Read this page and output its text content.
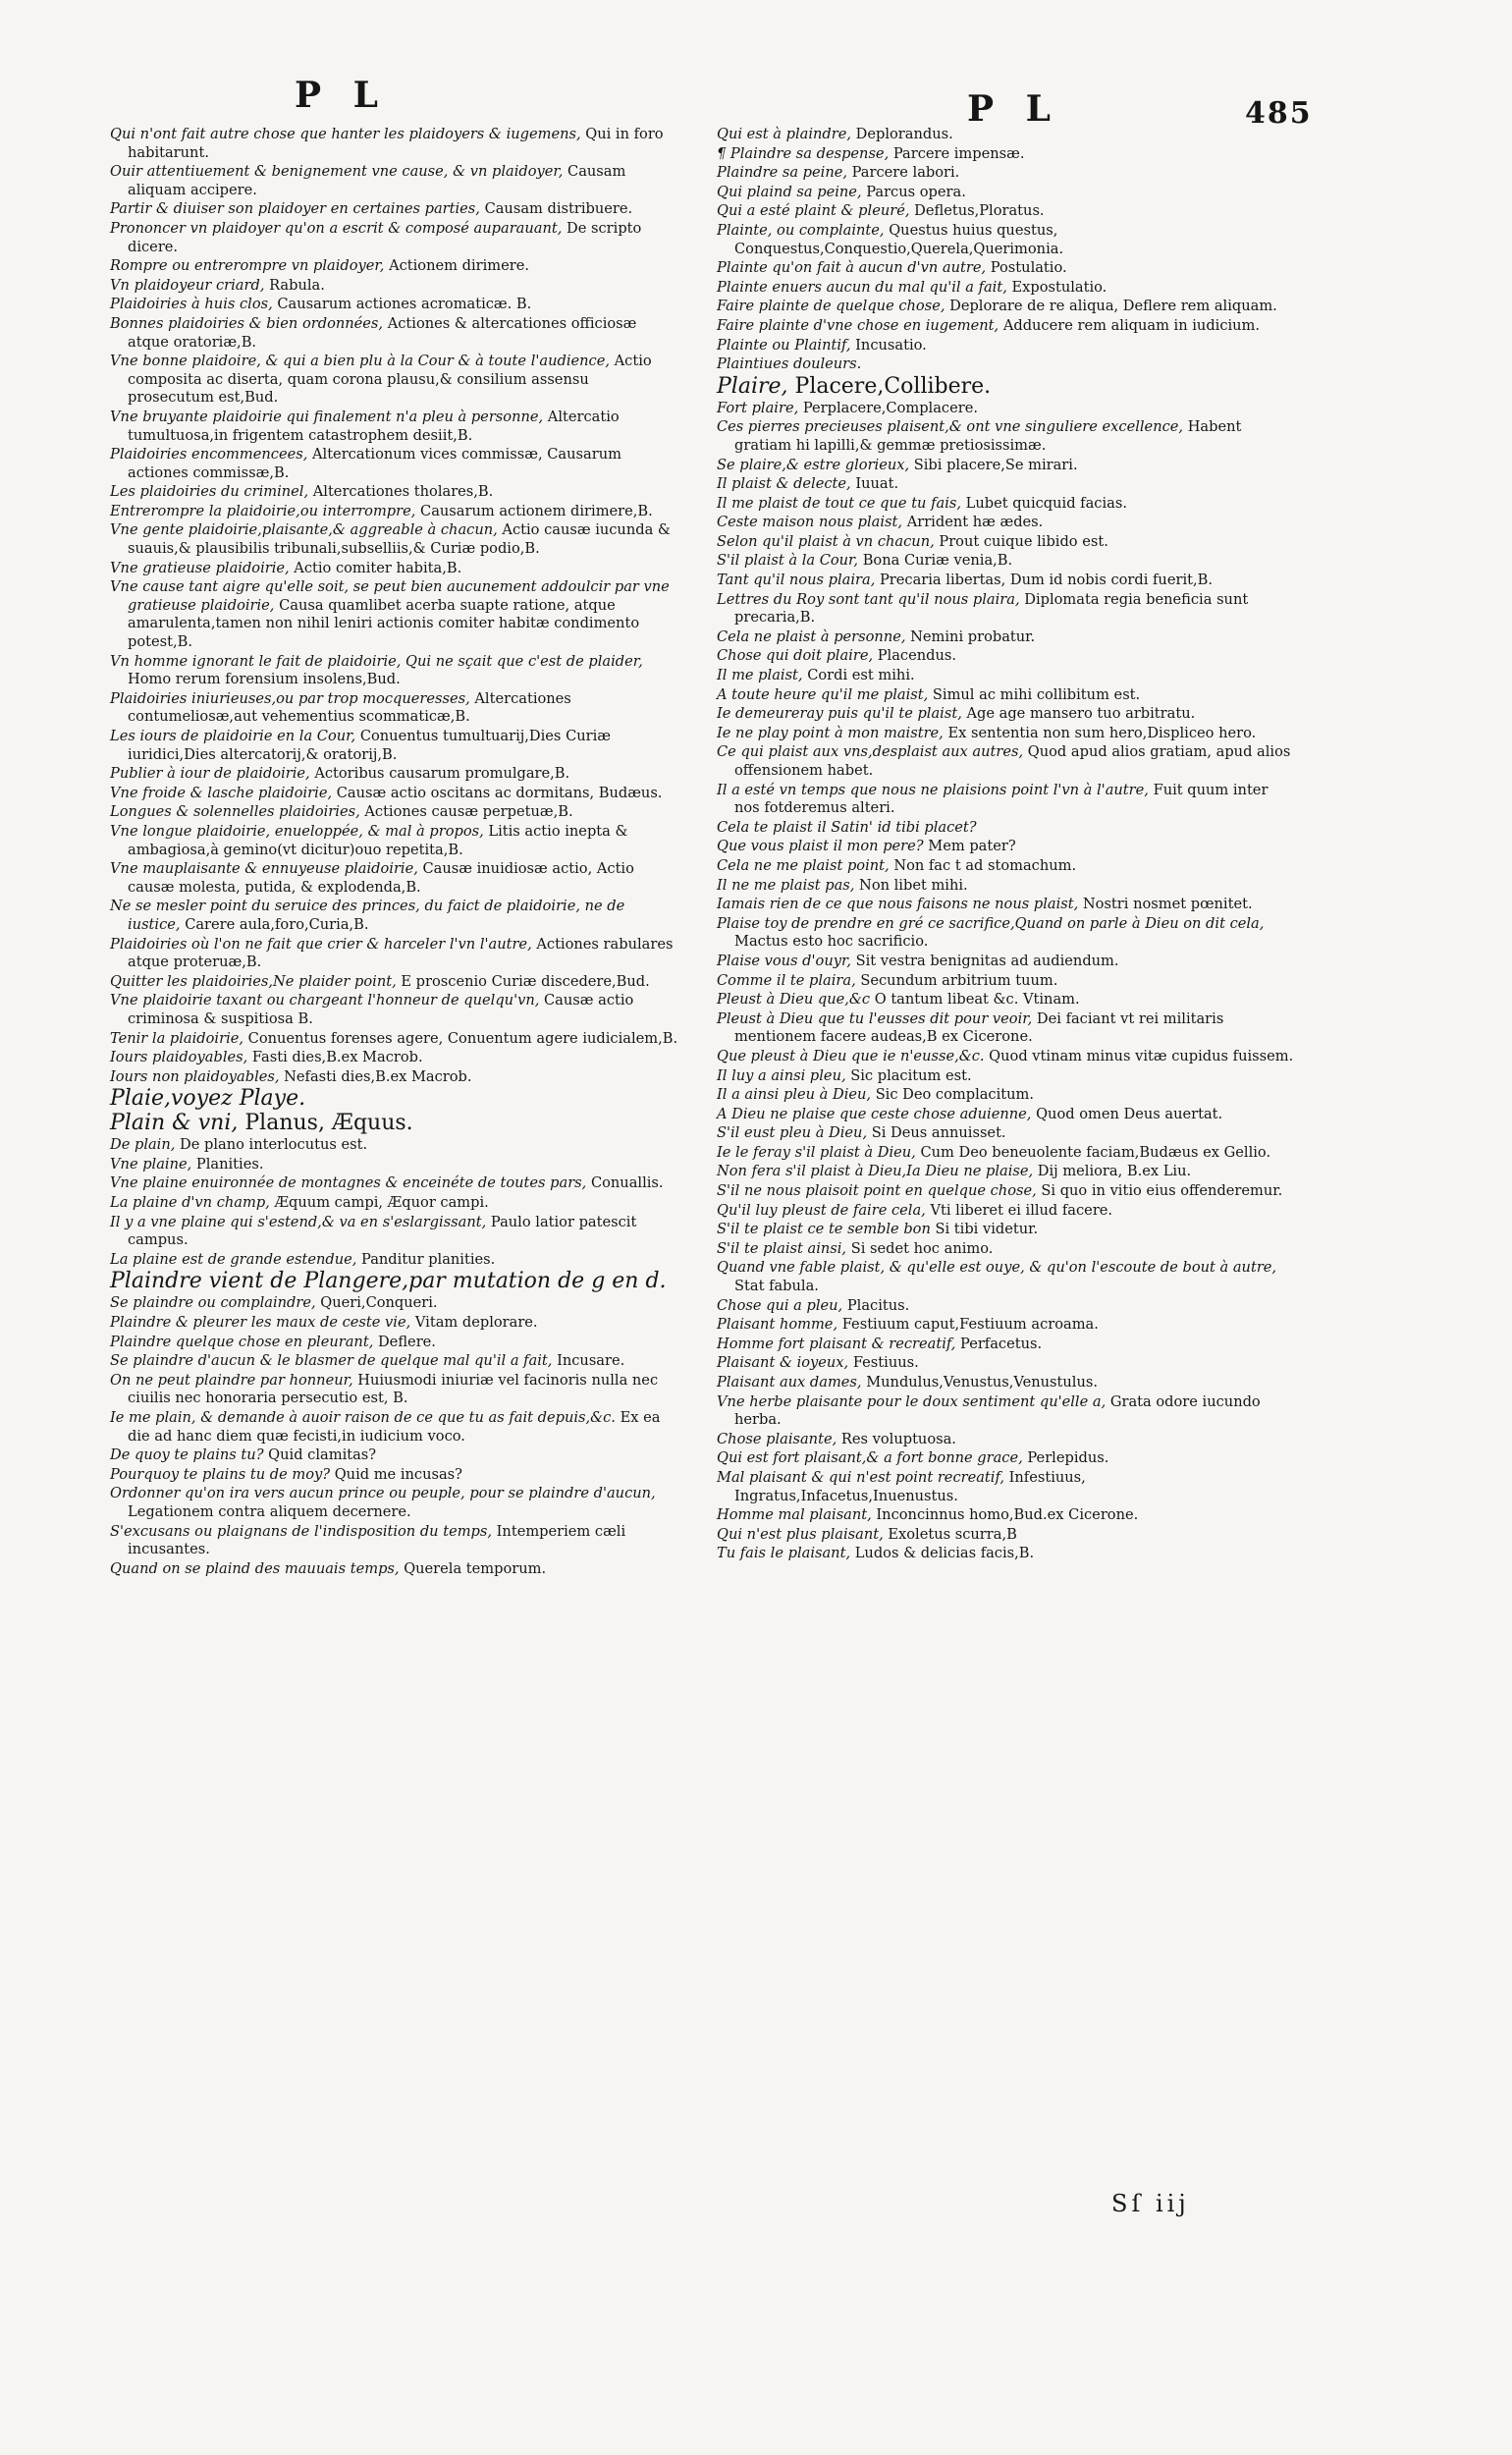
P L	P L	485

Qui n'ont fait autre chose que hanter les plaidoyers & iugemens, Qui in foro habitarunt.

Ouir attentiuement & benignement vne cause, & vn plaidoyer, Causam aliquam accipere.

Partir & diuiser son plaidoyer en certaines parties, Causam distribuere.

Prononcer vn plaidoyer qu'on a escrit & composé auparauant, De scripto dicere.

Rompre ou entrerompre vn plaidoyer, Actionem dirimere.

Vn plaidoyeur criard, Rabula.

Plaidoiries à huis clos, Causarum actiones acromaticæ. B.

Bonnes plaidoiries & bien ordonnées, Actiones & altercationes officiosæ atque oratoriæ,B.

Vne bonne plaidoire, & qui a bien plu à la Cour & à toute l'audience, Actio composita ac diserta, quam corona plausu,& consilium assensu prosecutum est,Bud.

Vne bruyante plaidoirie qui finalement n'a pleu à personne, Altercatio tumultuosa,in frigentem catastrophem desiit,B.

Plaidoiries encommencees, Altercationum vices commissæ, Causarum actiones commissæ,B.

Les plaidoiries du criminel, Altercationes tholares,B.

Entrerompre la plaidoirie,ou interrompre, Causarum actionem dirimere,B.

Vne gente plaidoirie,plaisante,& aggreable à chacun, Actio causæ iucunda & suauis,& plausibilis tribunali,subselliis,& Curiæ podio,B.

Vne gratieuse plaidoirie, Actio comiter habita,B.

Vne cause tant aigre qu'elle soit, se peut bien aucunement addoulcir par vne gratieuse plaidoirie, Causa quamlibet acerba suapte ratione, atque amarulenta,tamen non nihil leniri actionis comiter habitæ condimento potest,B.

Vn homme ignorant le fait de plaidoirie, Qui ne sçait que c'est de plaider, Homo rerum forensium insolens,Bud.

Plaidoiries iniurieuses,ou par trop mocqueresses, Altercationes contumeliosæ,aut vehementius scommaticæ,B.

Les iours de plaidoirie en la Cour, Conuentus tumultuarij,Dies Curiæ iuridici,Dies altercatorij,& oratorij,B.

Publier à iour de plaidoirie, Actoribus causarum promulgare,B.

Vne froide & lasche plaidoirie, Causæ actio oscitans ac dormitans, Budæus.

Longues & solennelles plaidoiries, Actiones causæ perpetuæ,B.

Vne longue plaidoirie, enueloppée, & mal à propos, Litis actio inepta & ambagiosa,à gemino(vt dicitur)ouo repetita,B.

Vne mauplaisante & ennuyeuse plaidoirie, Causæ inuidiosæ actio, Actio causæ molesta, putida, & explodenda,B.

Ne se mesler point du seruice des princes, du faict de plaidoirie, ne de iustice, Carere aula,foro,Curia,B.

Plaidoiries où l'on ne fait que crier & harceler l'vn l'autre, Actiones rabulares atque proteruæ,B.

Quitter les plaidoiries,Ne plaider point, E proscenio Curiæ discedere,Bud.

Vne plaidoirie taxant ou chargeant l'honneur de quelqu'vn, Causæ actio criminosa & suspitiosa B.

Tenir la plaidoirie, Conuentus forenses agere, Conuentum agere iudicialem,B.

Iours plaidoyables, Fasti dies,B.ex Macrob.

Iours non plaidoyables, Nefasti dies,B.ex Macrob.

Plaie,voyez Playe.

Plain & vni, Planus, Æquus.

De plain, De plano interlocutus est.

Vne plaine, Planities.

Vne plaine enuironnée de montagnes & enceinéte de toutes pars, Conuallis.

La plaine d'vn champ, Æquum campi, Æquor campi.

Il y a vne plaine qui s'estend,& va en s'eslargissant, Paulo latior patescit campus.

La plaine est de grande estendue, Panditur planities.

Plaindre vient de Plangere,par mutation de g en d.

Se plaindre ou complaindre, Queri,Conqueri.

Plaindre & pleurer les maux de ceste vie, Vitam deplorare.

Plaindre quelque chose en pleurant, Deflere.

Se plaindre d'aucun & le blasmer de quelque mal qu'il a fait, Incusare.

On ne peut plaindre par honneur, Huiusmodi iniuriæ vel facinoris nulla nec ciuilis nec honoraria persecutio est, B.

Ie me plain, & demande à auoir raison de ce que tu as fait depuis,&c. Ex ea die ad hanc diem quæ fecisti,in iudicium voco.

De quoy te plains tu? Quid clamitas?

Pourquoy te plains tu de moy? Quid me incusas?

Ordonner qu'on ira vers aucun prince ou peuple, pour se plaindre d'aucun, Legationem contra aliquem decernere.

S'excusans ou plaignans de l'indisposition du temps, Intemperiem cæli incusantes.

Quand on se plaind des mauuais temps, Querela temporum.

Qui est à plaindre, Deplorandus.

¶ Plaindre sa despense, Parcere impensæ.

Plaindre sa peine, Parcere labori.

Qui plaind sa peine, Parcus opera.

Qui a esté plaint & pleuré, Defletus,Ploratus.

Plainte, ou complainte, Questus huius questus, Conquestus,Conquestio,Querela,Querimonia.

Plainte qu'on fait à aucun d'vn autre, Postulatio.

Plainte enuers aucun du mal qu'il a fait, Expostulatio.

Faire plainte de quelque chose, Deplorare de re aliqua, Deflere rem aliquam.

Faire plainte d'vne chose en iugement, Adducere rem aliquam in iudicium.

Plainte ou Plaintif, Incusatio.

Plaintiues douleurs.

Plaire, Placere,Collibere.

Fort plaire, Perplacere,Complacere.

Ces pierres precieuses plaisent,& ont vne singuliere excellence, Habent gratiam hi lapilli,& gemmæ pretiosissimæ.

Se plaire,& estre glorieux, Sibi placere,Se mirari.

Il plaist & delecte, Iuuat.

Il me plaist de tout ce que tu fais, Lubet quicquid facias.

Ceste maison nous plaist, Arrident hæ ædes.

Selon qu'il plaist à vn chacun, Prout cuique libido est.

S'il plaist à la Cour, Bona Curiæ venia,B.

Tant qu'il nous plaira, Precaria libertas, Dum id nobis cordi fuerit,B.

Lettres du Roy sont tant qu'il nous plaira, Diplomata regia beneficia sunt precaria,B.

Cela ne plaist à personne, Nemini probatur.

Chose qui doit plaire, Placendus.

Il me plaist, Cordi est mihi.

A toute heure qu'il me plaist, Simul ac mihi collibitum est.

Ie demeureray puis qu'il te plaist, Age age mansero tuo arbitratu.

Ie ne play point à mon maistre, Ex sententia non sum hero,Displiceo hero.

Ce qui plaist aux vns,desplaist aux autres, Quod apud alios gratiam, apud alios offensionem habet.

Il a esté vn temps que nous ne plaisions point l'vn à l'autre, Fuit quum inter nos fotderemus alteri.

Cela te plaist il Satin' id tibi placet?

Que vous plaist il mon pere? Mem pater?

Cela ne me plaist point, Non fac t ad stomachum.

Il ne me plaist pas, Non libet mihi.

Iamais rien de ce que nous faisons ne nous plaist, Nostri nosmet pœnitet.

Plaise toy de prendre en gré ce sacrifice,Quand on parle à Dieu on dit cela, Mactus esto hoc sacrificio.

Plaise vous d'ouyr, Sit vestra benignitas ad audiendum.

Comme il te plaira, Secundum arbitrium tuum.

Pleust à Dieu que,&c O tantum libeat &c. Vtinam.

Pleust à Dieu que tu l'eusses dit pour veoir, Dei faciant vt rei militaris mentionem facere audeas,B ex Cicerone.

Que pleust à Dieu que ie n'eusse,&c. Quod vtinam minus vitæ cupidus fuissem.

Il luy a ainsi pleu, Sic placitum est.

Il a ainsi pleu à Dieu, Sic Deo complacitum.

A Dieu ne plaise que ceste chose aduienne, Quod omen Deus auertat.

S'il eust pleu à Dieu, Si Deus annuisset.

Ie le feray s'il plaist à Dieu, Cum Deo beneuolente faciam,Budæus ex Gellio.

Non fera s'il plaist à Dieu,Ia Dieu ne plaise, Dij meliora, B.ex Liu.

S'il ne nous plaisoit point en quelque chose, Si quo in vitio eius offenderemur.

Qu'il luy pleust de faire cela, Vti liberet ei illud facere.

S'il te plaist ce te semble bon Si tibi videtur.

S'il te plaist ainsi, Si sedet hoc animo.

Quand vne fable plaist, & qu'elle est ouye, & qu'on l'escoute de bout à autre, Stat fabula.

Chose qui a pleu, Placitus.

Plaisant homme, Festiuum caput,Festiuum acroama.

Homme fort plaisant & recreatif, Perfacetus.

Plaisant & ioyeux, Festiuus.

Plaisant aux dames, Mundulus,Venustus,Venustulus.

Vne herbe plaisante pour le doux sentiment qu'elle a, Grata odore iucundo herba.

Chose plaisante, Res voluptuosa.

Qui est fort plaisant,& a fort bonne grace, Perlepidus.

Mal plaisant & qui n'est point recreatif, Infestiuus, Ingratus,Infacetus,Inuenustus.

Homme mal plaisant, Inconcinnus homo,Bud.ex Cicerone.

Qui n'est plus plaisant, Exoletus scurra,B

Tu fais le plaisant, Ludos & delicias facis,B.

Sſ iij
